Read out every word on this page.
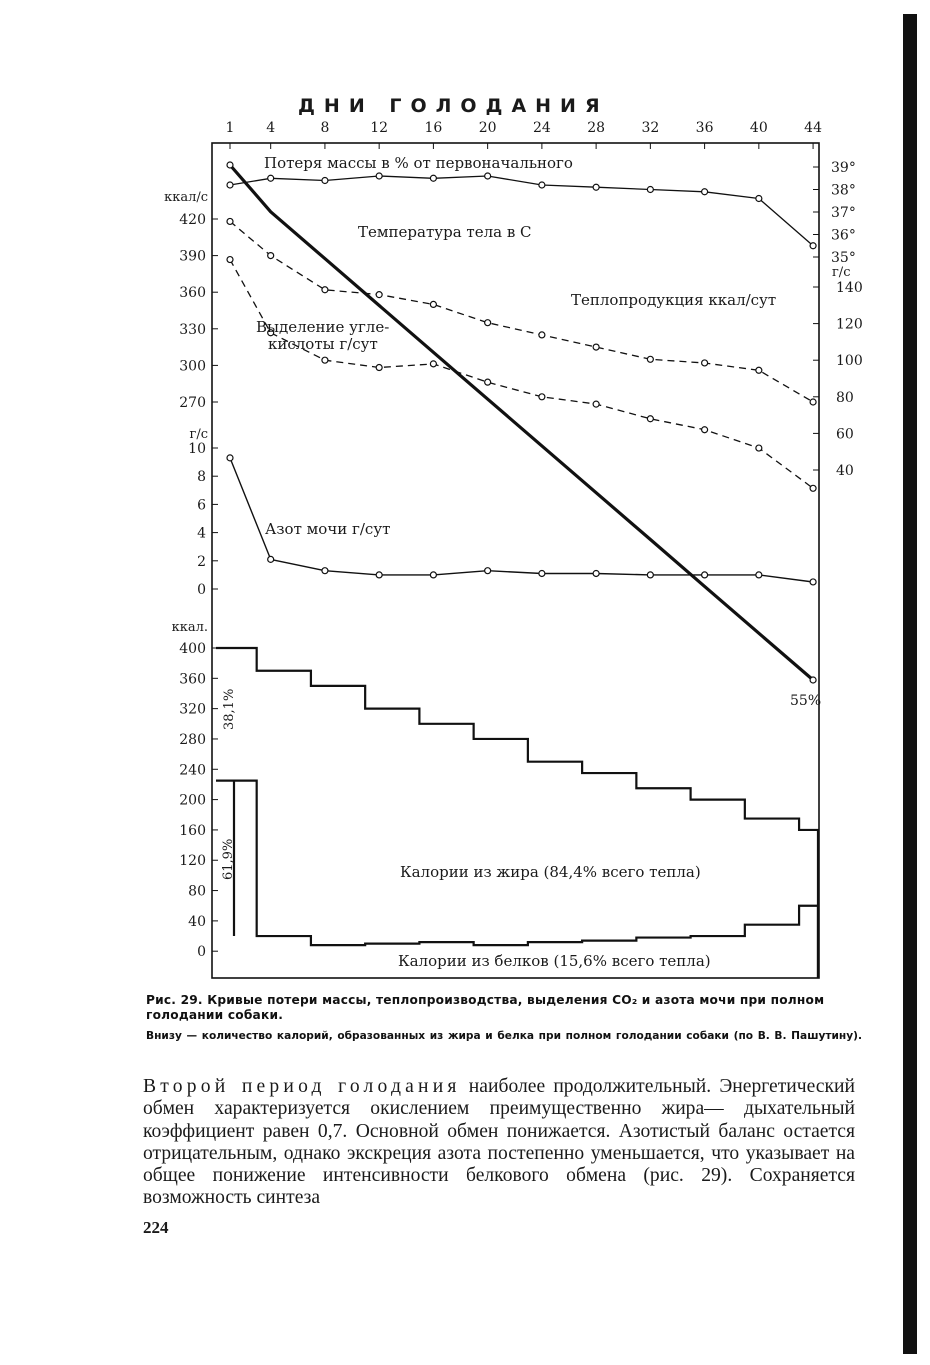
1 4	8	12	16	20	24	28	32	36	40	44
ккал/с
420
390
360
330
300
270
г/с
10
8
6
4
2
0
ккал.
400
360
320
280
240
200
160
120
80
40
0
39°
38°
37°
36°
35°
г/с
140
120
100
80
60
40
ДНИ ГОЛОДАНИЯ
Потеря массы в % от первоначального
Температура тела в С
Теплопродукция ккал/сут
Выделение угле-
кислоты г/сут
Азот мочи г/сут
55%
Калории из жира (84,4% всего тепла)
Калории из белков (15,6% всего тепла)
38,1%
61,9%
Рис. 29. Кривые потери массы, теплопроизводства, выделения СО₂ и азота мочи при полном голодании собаки.
Внизу — количество калорий, образованных из жира и белка при полном голодании собаки (по В. В. Пашутину).
Второй период голодания наиболее продолжительный. Энергетический обмен характеризуется окислением преимущественно жира— дыхательный коэффициент равен 0,7. Основной обмен понижается. Азотистый баланс остается отрицательным, однако экскреция азота постепенно уменьшается, что указывает на общее понижение интенсивности белкового обмена (рис. 29). Сохраняется возможность синтеза
224
